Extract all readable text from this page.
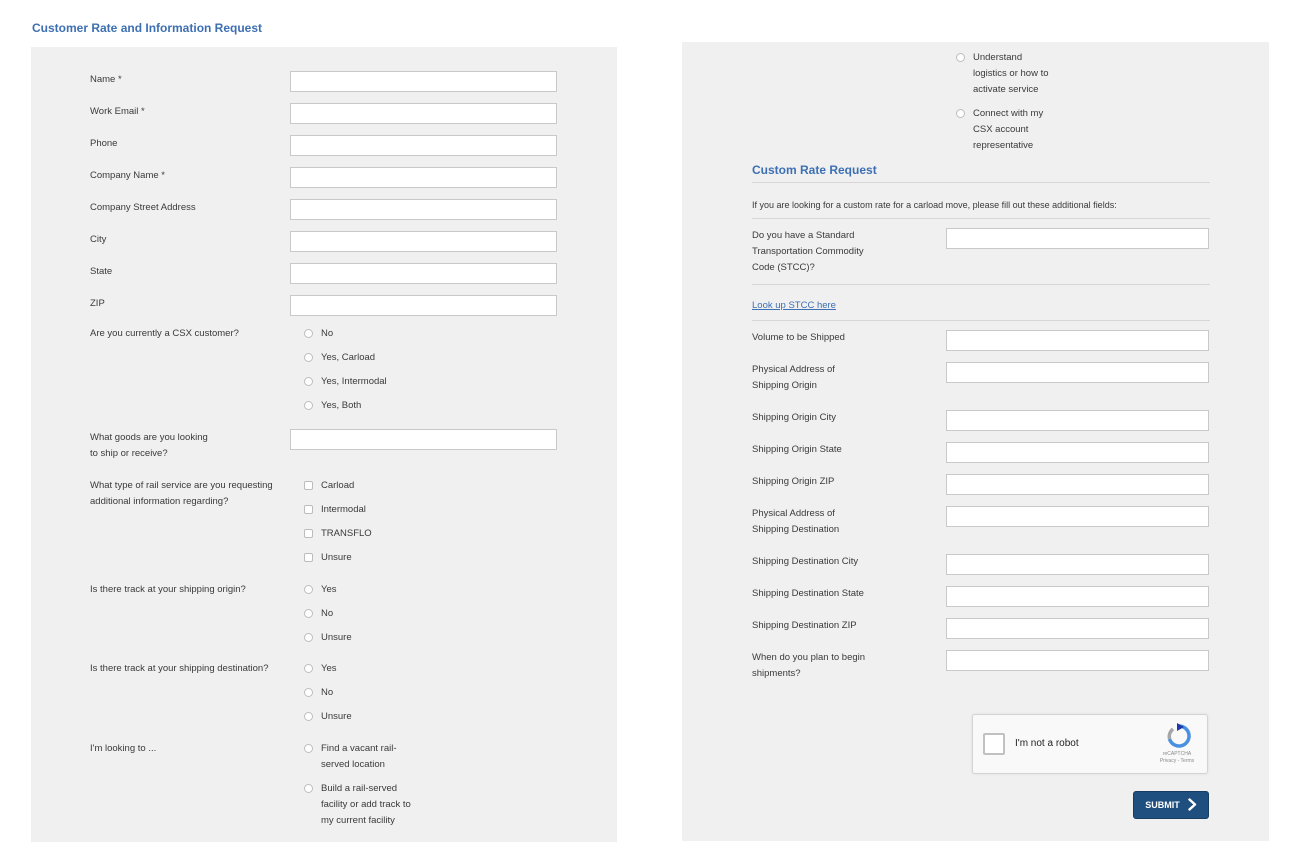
Customer Rate and Information Request
Name *
Work Email *
Phone
Company Name *
Company Street Address
City
State
ZIP
Are you currently a CSX customer?	No
Yes, Carload
Yes, Intermodal
Yes, Both
What goods are you looking
to ship or receive?
What type of rail service are you requesting
additional information regarding?
Carload
Intermodal
TRANSFLO
Unsure
Is there track at your shipping origin?	Yes
No
Unsure
Is there track at your shipping destination?	Yes
No
Unsure
I'm looking to ...	Find a vacant rail-
served location
Build a rail-served
facility or add track to
my current facility
Understand
logistics or how to
activate service
Connect with my
CSX account
representative
Custom Rate Request
If you are looking for a custom rate for a carload move, please fill out these additional fields:
Do you have a Standard
Transportation Commodity
Code (STCC)?
Look up STCC here
Volume to be Shipped
Physical Address of
Shipping Origin
Shipping Origin City
Shipping Origin State
Shipping Origin ZIP
Physical Address of
Shipping Destination
Shipping Destination City
Shipping Destination State
Shipping Destination ZIP
When do you plan to begin
shipments?
I'm not a robot
reCAPTCHA
Privacy - Terms
SUBMIT
